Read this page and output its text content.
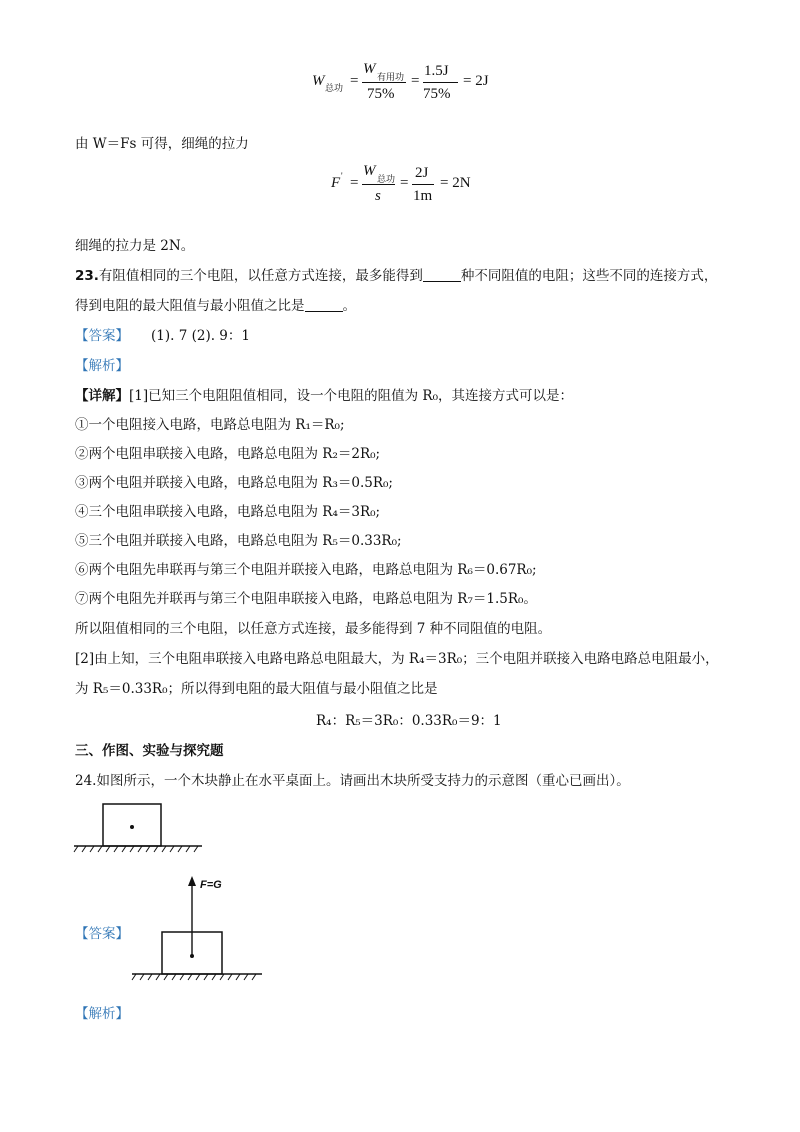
W 总功 =
W 有用功
75%
=
1.5J
75%
= 2J
由 W＝Fs 可得，细绳的拉力
F ' =
W 总功
s
=
2J
1m
= 2N
细绳的拉力是 2N。
23.有阻值相同的三个电阻，以任意方式连接，最多能得到	种不同阻值的电阻；这些不同的连接方式，
得到电阻的最大阻值与最小阻值之比是	。
【答案】 (1). 7 (2). 9：1
【解析】
【详解】[1]已知三个电阻阻值相同，设一个电阻的阻值为 R₀，其连接方式可以是：
①一个电阻接入电路，电路总电阻为 R₁＝R₀;
②两个电阻串联接入电路，电路总电阻为 R₂＝2R₀;
③两个电阻并联接入电路，电路总电阻为 R₃＝0.5R₀;
④三个电阻串联接入电路，电路总电阻为 R₄＝3R₀;
⑤三个电阻并联接入电路，电路总电阻为 R₅＝0.33R₀;
⑥两个电阻先串联再与第三个电阻并联接入电路，电路总电阻为 R₆＝0.67R₀;
⑦两个电阻先并联再与第三个电阻串联接入电路，电路总电阻为 R₇＝1.5R₀。
所以阻值相同的三个电阻，以任意方式连接，最多能得到 7 种不同阻值的电阻。
[2]由上知，三个电阻串联接入电路电路总电阻最大，为 R₄＝3R₀；三个电阻并联接入电路电路总电阻最小，
为 R₅＝0.33R₀；所以得到电阻的最大阻值与最小阻值之比是
R₄：R₅＝3R₀：0.33R₀＝9：1
三、作图、实验与探究题
24.如图所示，一个木块静止在水平桌面上。请画出木块所受支持力的示意图（重心已画出）。
【答案】
F=G
【解析】
